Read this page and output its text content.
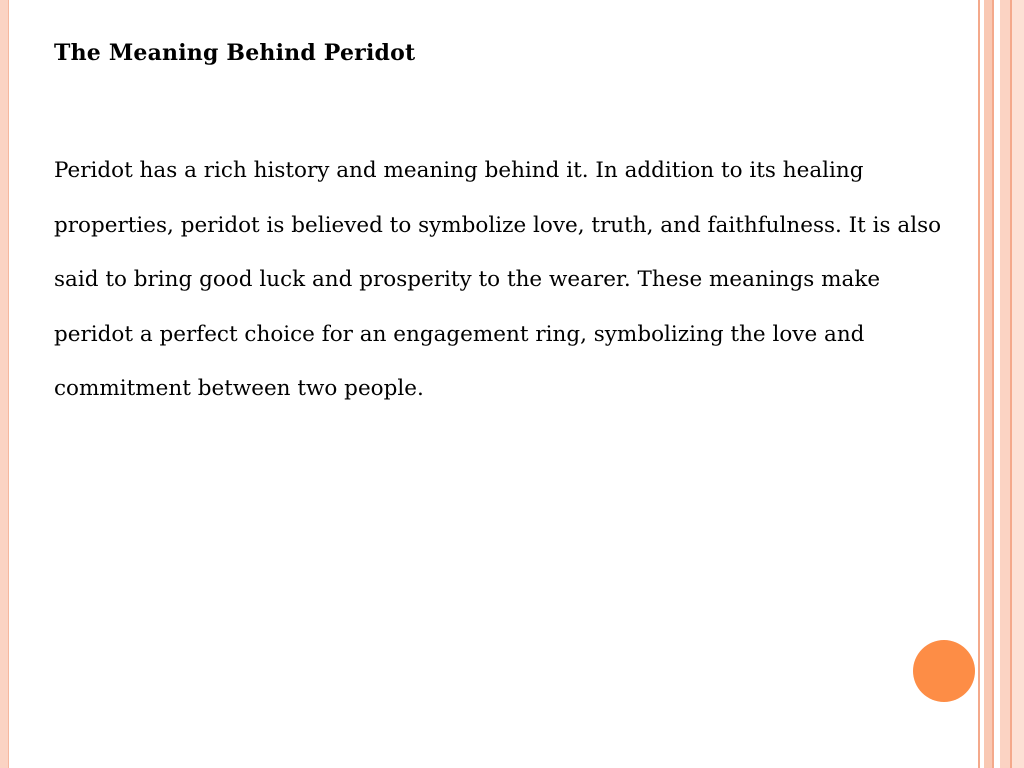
The Meaning Behind Peridot
Peridot has a rich history and meaning behind it. In addition to its healing properties, peridot is believed to symbolize love, truth, and faithfulness. It is also said to bring good luck and prosperity to the wearer. These meanings make peridot a perfect choice for an engagement ring, symbolizing the love and commitment between two people.
